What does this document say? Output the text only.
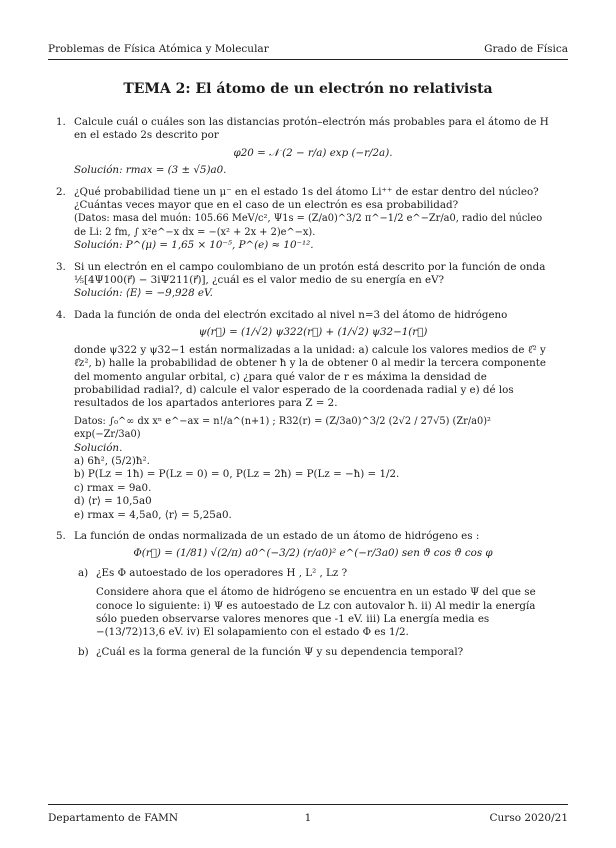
Problemas de Física Atómica y Molecular	Grado de Física
TEMA 2: El átomo de un electrón no relativista
1. Calcule cuál o cuáles son las distancias protón–electrón más probables para el átomo de H en el estado 2s descrito por
φ20 = 𝒩 (2 − r/a) exp (−r/2a).
Solución: rmax = (3 ± √5)a0.
2. ¿Qué probabilidad tiene un μ⁻ en el estado 1s del átomo Li⁺⁺ de estar dentro del núcleo? ¿Cuántas veces mayor que en el caso de un electrón es esa probabilidad?
(Datos: masa del muón: 105.66 MeV/c², Ψ1s = (Z/a0)^3/2 π^−1/2 e^−Zr/a0, radio del núcleo de Li: 2 fm, ∫ x²e^−x dx = −(x² + 2x + 2)e^−x).
Solución: P^(μ) = 1,65 × 10⁻⁵, P^(e) ≈ 10⁻¹².
3. Si un electrón en el campo coulombiano de un protón está descrito por la función de onda ⅕[4Ψ100(r⃗) − 3iΨ211(r⃗)], ¿cuál es el valor medio de su energía en eV?
Solución: ⟨E⟩ = −9,928 eV.
4. Dada la función de onda del electrón excitado al nivel n=3 del átomo de hidrógeno
ψ(r⃗) = (1/√2) ψ322(r⃗) + (1/√2) ψ32−1(r⃗)
donde ψ322 y ψ32−1 están normalizadas a la unidad: a) calcule los valores medios de ℓ̂² y ℓ̂z², b) halle la probabilidad de obtener ħ y la de obtener 0 al medir la tercera componente del momento angular orbital, c) ¿para qué valor de r es máxima la densidad de probabilidad radial?, d) calcule el valor esperado de la coordenada radial y e) dé los resultados de los apartados anteriores para Z = 2.
Datos: ∫₀^∞ dx xⁿ e^−ax = n!/a^(n+1) ; R32(r) = (Z/3a0)^3/2 (2√2 / 27√5) (Zr/a0)² exp(−Zr/3a0)
Solución.
a) 6ħ², (5/2)ħ².
b) P(Lz = 1ħ) = P(Lz = 0) = 0, P(Lz = 2ħ) = P(Lz = −ħ) = 1/2.
c) rmax = 9a0.
d) ⟨r⟩ = 10,5a0
e) rmax = 4,5a0, ⟨r⟩ = 5,25a0.
5. La función de ondas normalizada de un estado de un átomo de hidrógeno es :
Φ(r⃗) = (1/81) √(2/π) a0^(−3/2) (r/a0)² e^(−r/3a0) sen ϑ cos ϑ cos φ
a) ¿Es Φ autoestado de los operadores H , L² , Lz ?
Considere ahora que el átomo de hidrógeno se encuentra en un estado Ψ del que se conoce lo siguiente: i) Ψ es autoestado de Lz con autovalor ħ. ii) Al medir la energía sólo pueden observarse valores menores que -1 eV. iii) La energía media es −(13/72)13,6 eV. iv) El solapamiento con el estado Φ es 1/2.
b) ¿Cuál es la forma general de la función Ψ y su dependencia temporal?
Departamento de FAMN	1	Curso 2020/21
